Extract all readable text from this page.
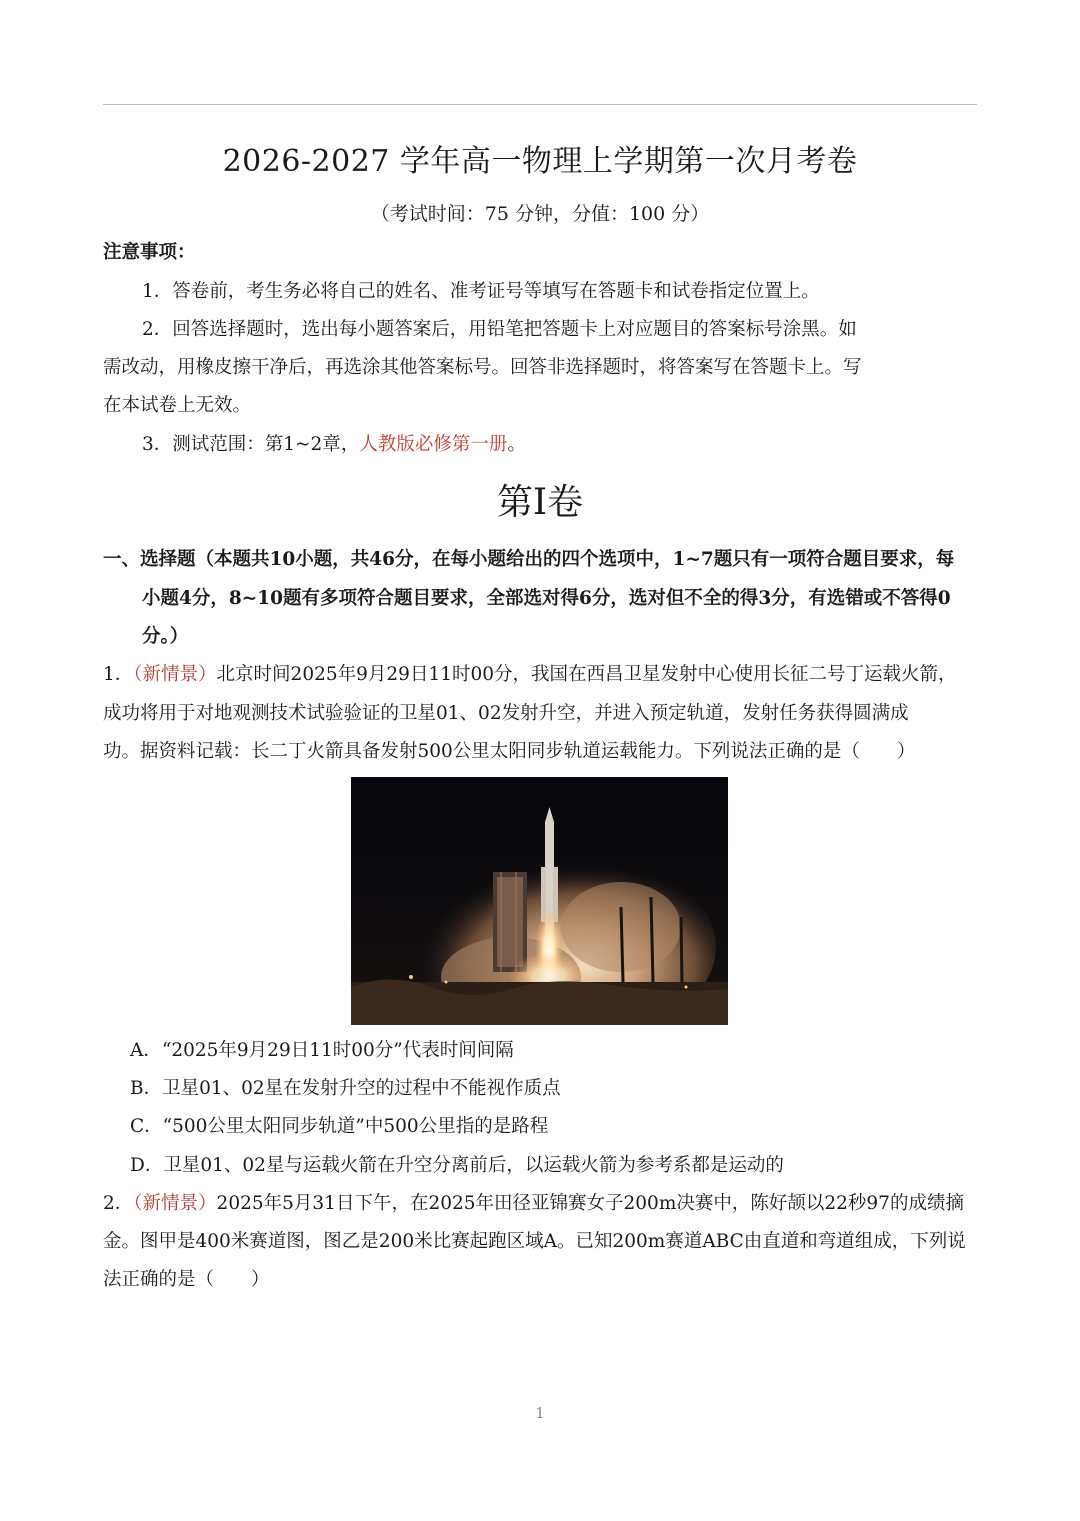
2026-2027 学年高一物理上学期第一次月考卷
（考试时间：75 分钟，分值：100 分）
注意事项：
1．答卷前，考生务必将自己的姓名、准考证号等填写在答题卡和试卷指定位置上。
2．回答选择题时，选出每小题答案后，用铅笔把答题卡上对应题目的答案标号涂黑。如
需改动，用橡皮擦干净后，再选涂其他答案标号。回答非选择题时，将答案写在答题卡上。写
在本试卷上无效。
3．测试范围：第1~2章，人教版必修第一册。
第I卷
一、选择题（本题共10小题，共46分，在每小题给出的四个选项中，1~7题只有一项符合题目要求，每
小题4分，8~10题有多项符合题目要求，全部选对得6分，选对但不全的得3分，有选错或不答得0
分。）
1．（新情景）北京时间2025年9月29日11时00分，我国在西昌卫星发射中心使用长征二号丁运载火箭，
成功将用于对地观测技术试验验证的卫星01、02发射升空，并进入预定轨道，发射任务获得圆满成
功。据资料记载：长二丁火箭具备发射500公里太阳同步轨道运载能力。下列说法正确的是（　　）
A．“2025年9月29日11时00分”代表时间间隔
B．卫星01、02星在发射升空的过程中不能视作质点
C．“500公里太阳同步轨道”中500公里指的是路程
D．卫星01、02星与运载火箭在升空分离前后，以运载火箭为参考系都是运动的
2．（新情景）2025年5月31日下午，在2025年田径亚锦赛女子200m决赛中，陈好颉以22秒97的成绩摘
金。图甲是400米赛道图，图乙是200米比赛起跑区域A。已知200m赛道ABC由直道和弯道组成，下列说
法正确的是（　　）
1
